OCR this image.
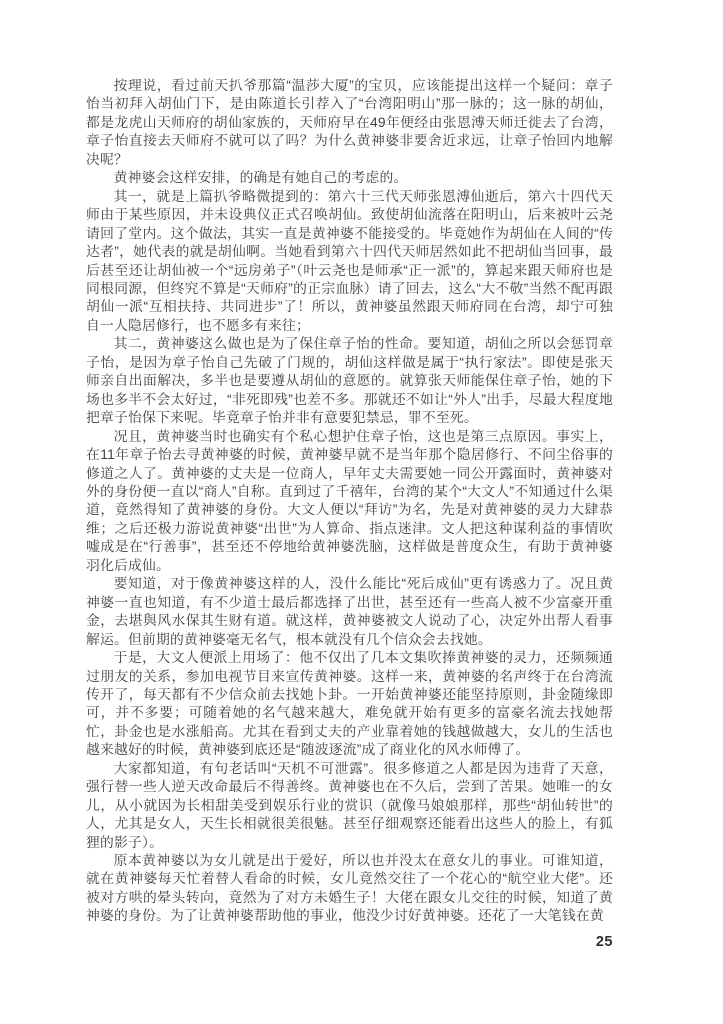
按理说，看过前天扒爷那篇“温莎大厦”的宝贝，应该能提出这样一个疑问：章子怡当初拜入胡仙门下，是由陈道长引荐入了“台湾阳明山”那一脉的；这一脉的胡仙，都是龙虎山天师府的胡仙家族的，天师府早在49年便经由张恩溥天师迁徙去了台湾，章子怡直接去天师府不就可以了吗？为什么黄神婆非要舍近求远，让章子怡回内地解决呢？

黄神婆会这样安排，的确是有她自己的考虑的。

其一，就是上篇扒爷略微提到的：第六十三代天师张恩溥仙逝后，第六十四代天师由于某些原因，并未设典仪正式召唤胡仙。致使胡仙流落在阳明山，后来被叶云尧请回了堂内。这个做法，其实一直是黄神婆不能接受的。毕竟她作为胡仙在人间的“传达者”，她代表的就是胡仙啊。当她看到第六十四代天师居然如此不把胡仙当回事，最后甚至还让胡仙被一个“远房弟子”（叶云尧也是师承“正一派”的，算起来跟天师府也是同根同源，但终究不算是“天师府”的正宗血脉）请了回去，这么“大不敬”当然不配再跟胡仙一派“互相扶持、共同进步”了！所以，黄神婆虽然跟天师府同在台湾，却宁可独自一人隐居修行，也不愿多有来往；

其二，黄神婆这么做也是为了保住章子怡的性命。要知道，胡仙之所以会惩罚章子怡，是因为章子怡自己先破了门规的，胡仙这样做是属于“执行家法”。即使是张天师亲自出面解决，多半也是要遵从胡仙的意愿的。就算张天师能保住章子怡，她的下场也多半不会太好过，“非死即残”也差不多。那就还不如让“外人”出手，尽最大程度地把章子怡保下来呢。毕竟章子怡并非有意要犯禁忌，罪不至死。

况且，黄神婆当时也确实有个私心想护住章子怡，这也是第三点原因。事实上，在11年章子怡去寻黄神婆的时候，黄神婆早就不是当年那个隐居修行、不问尘俗事的修道之人了。黄神婆的丈夫是一位商人，早年丈夫需要她一同公开露面时，黄神婆对外的身份便一直以“商人”自称。直到过了千禧年，台湾的某个“大文人”不知通过什么渠道，竟然得知了黄神婆的身份。大文人便以“拜访”为名，先是对黄神婆的灵力大肆恭维；之后还极力游说黄神婆“出世”为人算命、指点迷津。文人把这种谋利益的事情吹嘘成是在“行善事”，甚至还不停地给黄神婆洗脑，这样做是普度众生，有助于黄神婆羽化后成仙。

要知道，对于像黄神婆这样的人，没什么能比“死后成仙”更有诱惑力了。况且黄神婆一直也知道，有不少道士最后都选择了出世，甚至还有一些高人被不少富豪开重金，去堪與风水保其生财有道。就这样，黄神婆被文人说动了心，决定外出帮人看事解运。但前期的黄神婆毫无名气，根本就没有几个信众会去找她。

于是，大文人便派上用场了：他不仅出了几本文集吹捧黄神婆的灵力，还频频通过朋友的关系，参加电视节目来宣传黄神婆。这样一来，黄神婆的名声终于在台湾流传开了，每天都有不少信众前去找她卜卦。一开始黄神婆还能坚持原则，卦金随缘即可，并不多要；可随着她的名气越来越大，难免就开始有更多的富豪名流去找她帮忙，卦金也是水涨船高。尤其在看到丈夫的产业靠着她的钱越做越大，女儿的生活也越来越好的时候，黄神婆到底还是“随波逐流”成了商业化的风水师傅了。

大家都知道，有句老话叫“天机不可泄露”。很多修道之人都是因为违背了天意，强行替一些人逆天改命最后不得善终。黄神婆也在不久后，尝到了苦果。她唯一的女儿，从小就因为长相甜美受到娱乐行业的赏识（就像马娘娘那样，那些“胡仙转世”的人，尤其是女人，天生长相就很美很魅。甚至仔细观察还能看出这些人的脸上，有狐狸的影子）。

原本黄神婆以为女儿就是出于爱好，所以也并没太在意女儿的事业。可谁知道，就在黄神婆每天忙着替人看命的时候，女儿竟然交往了一个花心的“航空业大佬”。还被对方哄的晕头转向，竟然为了对方未婚生子！大佬在跟女儿交往的时候，知道了黄神婆的身份。为了让黄神婆帮助他的事业，他没少讨好黄神婆。还花了一大笔钱在黄

25
